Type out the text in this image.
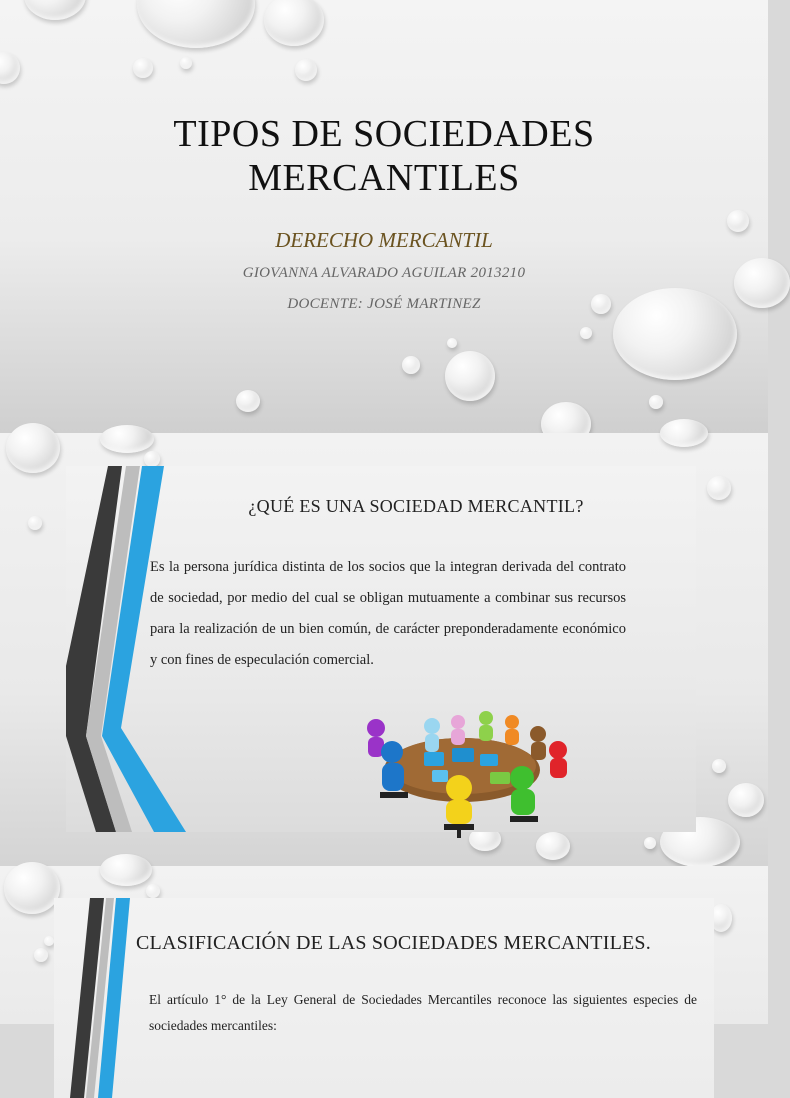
TIPOS DE SOCIEDADES
MERCANTILES
DERECHO MERCANTIL
GIOVANNA ALVARADO AGUILAR 2013210
DOCENTE: JOSÉ MARTINEZ
¿QUÉ ES UNA SOCIEDAD MERCANTIL?
Es la persona jurídica distinta de los socios que la integran derivada del contrato de sociedad, por medio del cual se obligan mutuamente a combinar sus recursos para la realización de un bien común, de carácter preponderadamente económico y con fines de especulación comercial.
CLASIFICACIÓN DE LAS SOCIEDADES MERCANTILES.
El artículo 1° de la Ley General de Sociedades Mercantiles reconoce las siguientes especies de sociedades mercantiles:
